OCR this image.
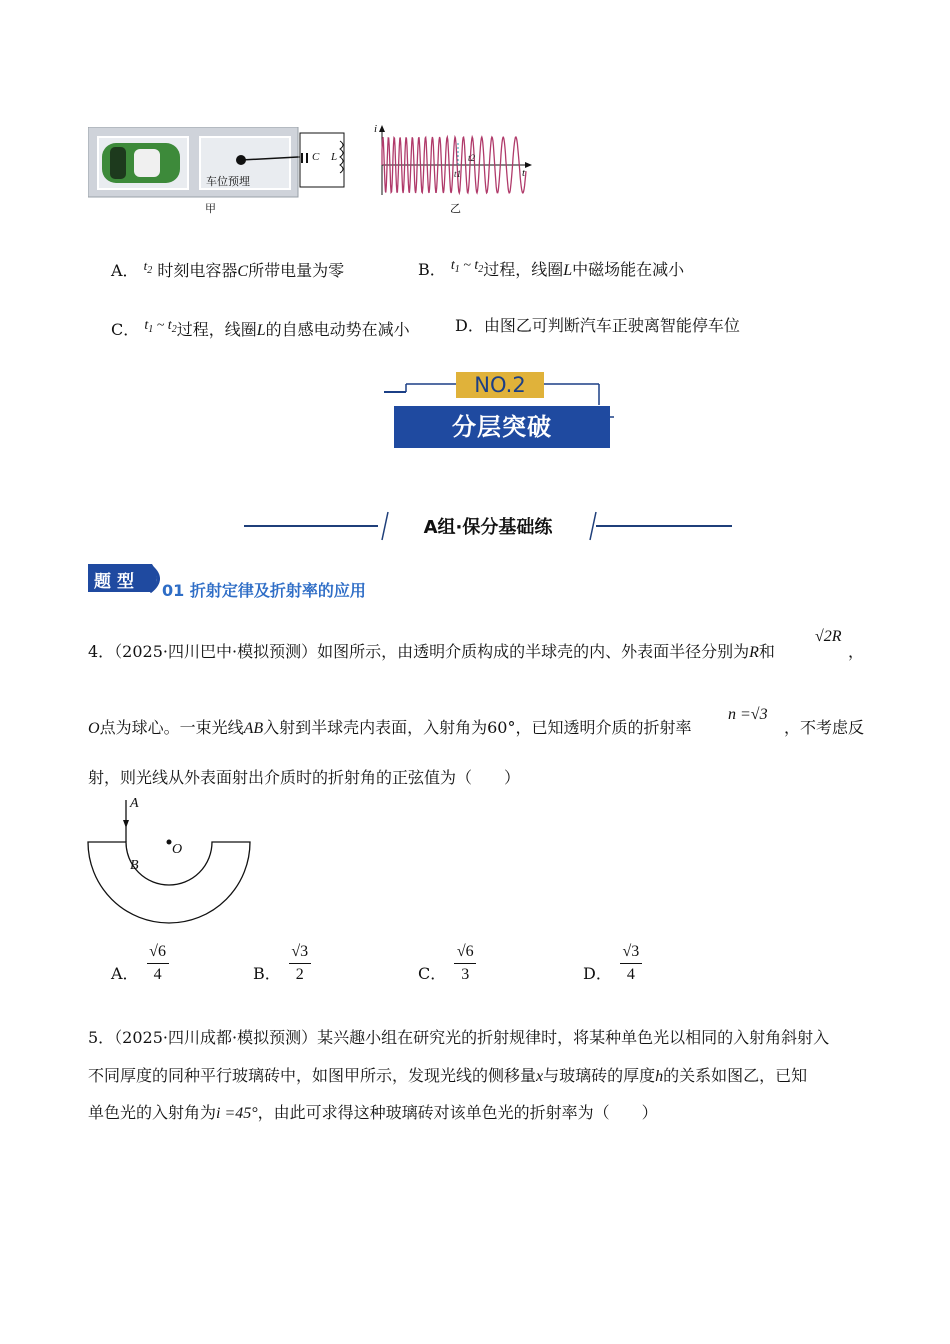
车位预埋
C L
甲
i
t
t1
t2
乙
A． $^{t_2}$ 时刻电容器C所带电量为零	B． $t_1$ ~ $t_2$过程，线圈L中磁场能在减小
C． $t_1$ ~ $t_2$过程，线圈L的自感电动势在减小	D．由图乙可判断汽车正驶离智能停车位
NO.2
分层突破
A组·保分基础练
题型 01 折射定律及折射率的应用
4．（2025·四川巴中·模拟预测）如图所示，由透明介质构成的半球壳的内、外表面半径分别为R和
√2R
，
O点为球心。一束光线AB入射到半球壳内表面，入射角为60°，已知透明介质的折射率
n =√3
，不考虑反
射，则光线从外表面射出介质时的折射角的正弦值为（　　）
A
B
O
A． $\frac{√6}{4}$	B． $\frac{√3}{2}$	C． $\frac{√6}{3}$	D． $\frac{√3}{4}$
5．（2025·四川成都·模拟预测）某兴趣小组在研究光的折射规律时，将某种单色光以相同的入射角斜射入
不同厚度的同种平行玻璃砖中，如图甲所示，发现光线的侧移量x与玻璃砖的厚度h的关系如图乙，已知
单色光的入射角为i =45°，由此可求得这种玻璃砖对该单色光的折射率为（　　）
